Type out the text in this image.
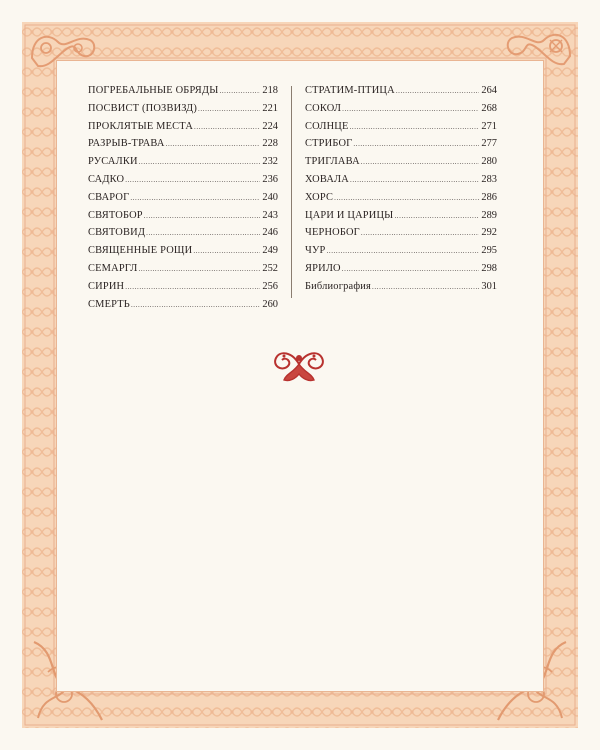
ПОГРЕБАЛЬНЫЕ ОБРЯДЫ .....	218
ПОСВИСТ (ПОЗВИЗД) .....	221
ПРОКЛЯТЫЕ МЕСТА .....	224
РАЗРЫВ-ТРАВА .....	228
РУСАЛКИ .....	232
САДКО .....	236
СВАРОГ .....	240
СВЯТОБОР .....	243
СВЯТОВИД .....	246
СВЯЩЕННЫЕ РОЩИ .....	249
СЕМАРГЛ .....	252
СИРИН .....	256
СМЕРТЬ .....	260
СТРАТИМ-ПТИЦА .....	264
СОКОЛ .....	268
СОЛНЦЕ .....	271
СТРИБОГ .....	277
ТРИГЛАВА .....	280
ХОВАЛА .....	283
ХОРС .....	286
ЦАРИ И ЦАРИЦЫ .....	289
ЧЕРНОБОГ .....	292
ЧУР .....	295
ЯРИЛО .....	298
Библиография .....	301
